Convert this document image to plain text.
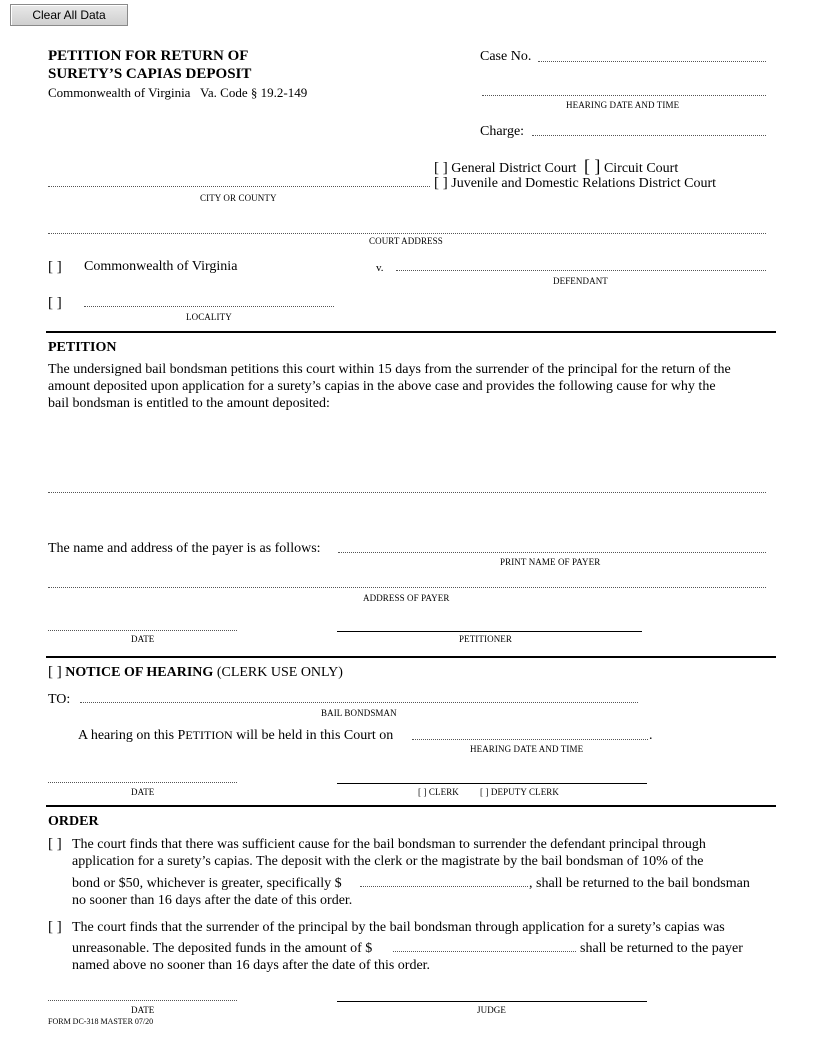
Clear All Data
PETITION FOR RETURN OF
SURETY’S CAPIAS DEPOSIT
Commonwealth of Virginia Va. Code § 19.2-149
Case No.
HEARING DATE AND TIME
Charge:
[ ] General District Court [ ] Circuit Court
[ ] Juvenile and Domestic Relations District Court
CITY OR COUNTY
COURT ADDRESS
[ ] Commonwealth of Virginia	v.
DEFENDANT
[ ]
LOCALITY
PETITION
The undersigned bail bondsman petitions this court within 15 days from the surrender of the principal for the return of the
amount deposited upon application for a surety’s capias in the above case and provides the following cause for why the
bail bondsman is entitled to the amount deposited:
The name and address of the payer is as follows:
PRINT NAME OF PAYER
ADDRESS OF PAYER
DATE	PETITIONER
[ ] NOTICE OF HEARING (CLERK USE ONLY)
TO:
BAIL BONDSMAN
A hearing on this PETITION will be held in this Court on	.
HEARING DATE AND TIME
DATE	[ ] CLERK [ ] DEPUTY CLERK
ORDER
[ ] The court finds that there was sufficient cause for the bail bondsman to surrender the defendant principal through
application for a surety’s capias. The deposit with the clerk or the magistrate by the bail bondsman of 10% of the
bond or $50, whichever is greater, specifically $	, shall be returned to the bail bondsman
no sooner than 16 days after the date of this order.
[ ] The court finds that the surrender of the principal by the bail bondsman through application for a surety’s capias was
unreasonable. The deposited funds in the amount of $	shall be returned to the payer
named above no sooner than 16 days after the date of this order.
DATE	JUDGE
FORM DC-318 MASTER 07/20
